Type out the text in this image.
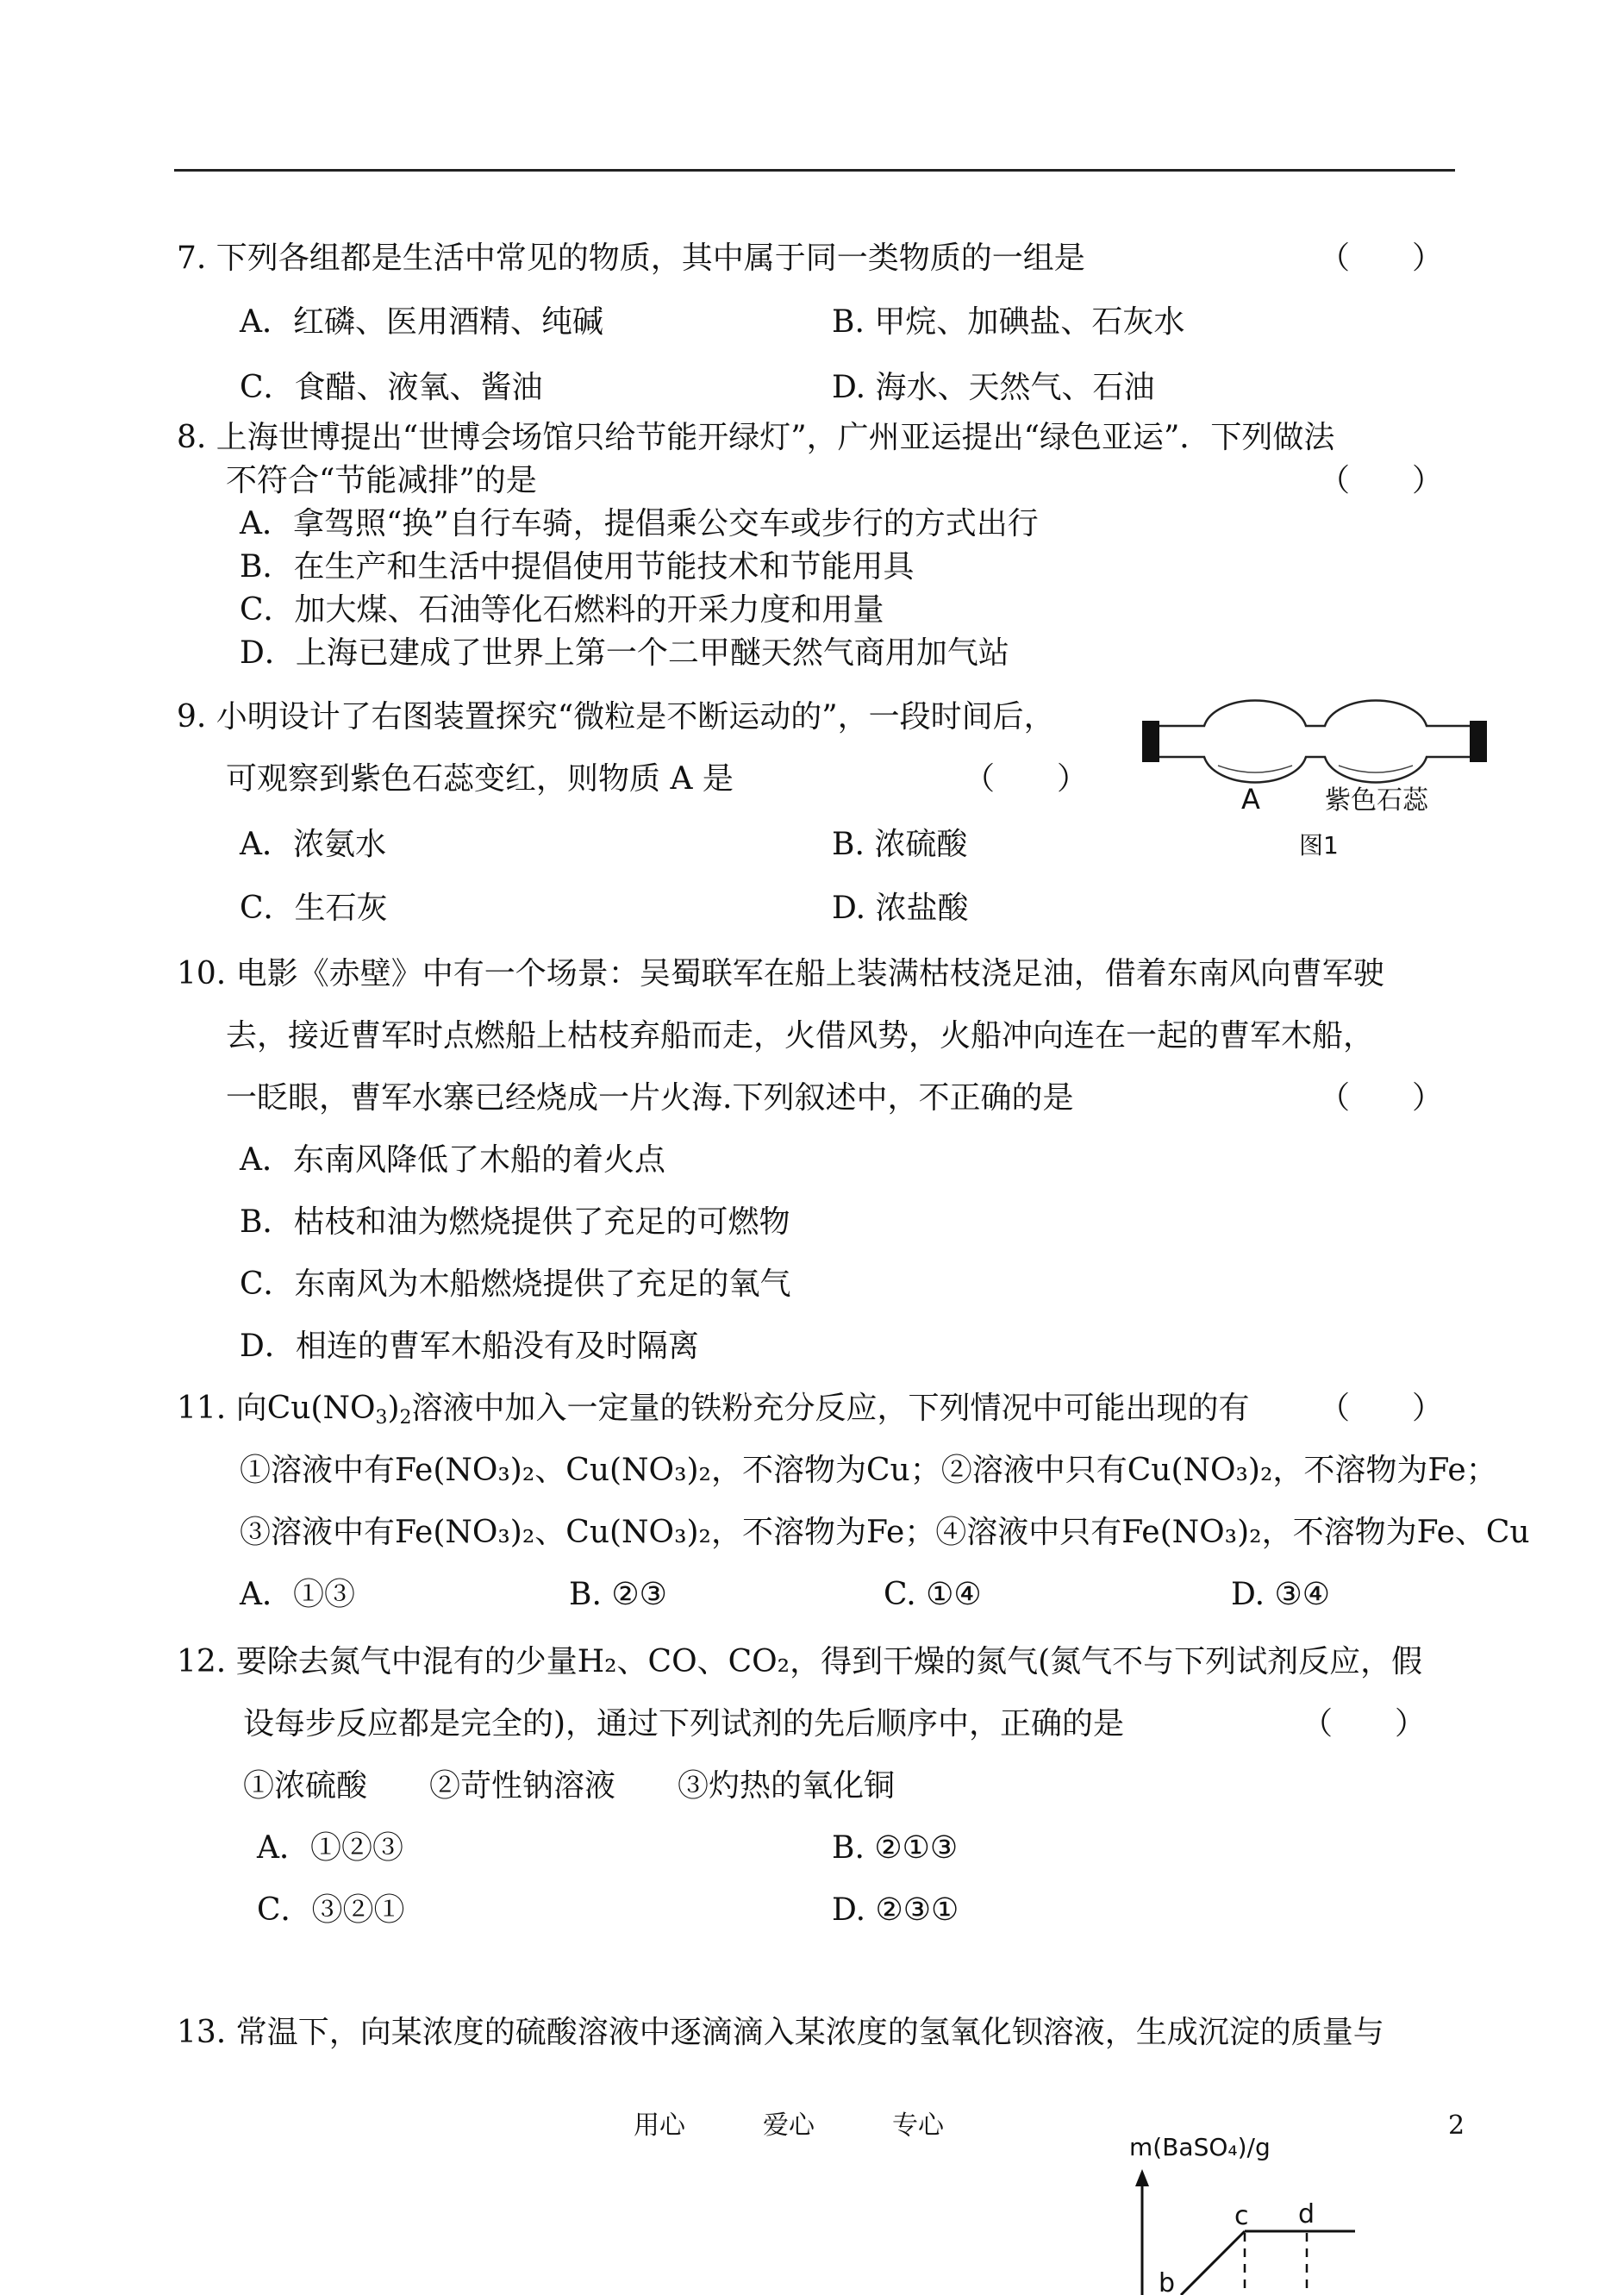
7. 下列各组都是生活中常见的物质，其中属于同一类物质的一组是	（　　）
A．红磷、医用酒精、纯碱	B. 甲烷、加碘盐、石灰水
C．食醋、液氧、酱油	D. 海水、天然气、石油
8. 上海世博提出“世博会场馆只给节能开绿灯”，广州亚运提出“绿色亚运”．下列做法
不符合“节能减排”的是	（　　）
A．拿驾照“换”自行车骑，提倡乘公交车或步行的方式出行
B．在生产和生活中提倡使用节能技术和节能用具
C．加大煤、石油等化石燃料的开采力度和用量
D．上海已建成了世界上第一个二甲醚天然气商用加气站
9. 小明设计了右图装置探究“微粒是不断运动的”，一段时间后，
可观察到紫色石蕊变红，则物质 A 是	（　　）
A．浓氨水	B. 浓硫酸
C．生石灰	D. 浓盐酸
A	紫色石蕊
图1
10. 电影《赤壁》中有一个场景：吴蜀联军在船上装满枯枝浇足油，借着东南风向曹军驶
去，接近曹军时点燃船上枯枝弃船而走，火借风势，火船冲向连在一起的曹军木船，
一眨眼，曹军水寨已经烧成一片火海.下列叙述中，不正确的是	（　　）
A．东南风降低了木船的着火点
B．枯枝和油为燃烧提供了充足的可燃物
C．东南风为木船燃烧提供了充足的氧气
D．相连的曹军木船没有及时隔离
11. 向$Cu(NO_3)_2$溶液中加入一定量的铁粉充分反应，下列情况中可能出现的有 （　　）
①溶液中有Fe(NO₃)₂、Cu(NO₃)₂，不溶物为Cu；②溶液中只有Cu(NO₃)₂，不溶物为Fe；
③溶液中有Fe(NO₃)₂、Cu(NO₃)₂，不溶物为Fe；④溶液中只有Fe(NO₃)₂，不溶物为Fe、Cu
A．①③	B. ②③	C. ①④	D. ③④
12. 要除去氮气中混有的少量H₂、CO、CO₂，得到干燥的氮气(氮气不与下列试剂反应，假
设每步反应都是完全的)，通过下列试剂的先后顺序中，正确的是	（　　）
①浓硫酸　　②苛性钠溶液　　③灼热的氧化铜
A．①②③	B. ②①③
C．③②①	D. ②③①
13. 常温下，向某浓度的硫酸溶液中逐滴滴入某浓度的氢氧化钡溶液，生成沉淀的质量与
用心	爱心	专心	2
m(BaSO₄)/g
b
c d
